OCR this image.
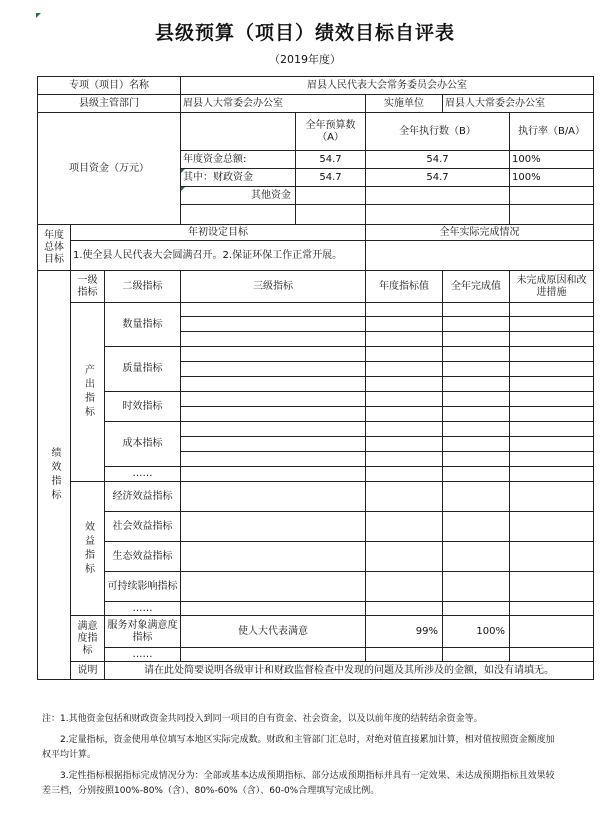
县级预算（项目）绩效目标自评表
（2019年度）
专项（项目）名称			眉县人民代表大会常务委员会办公室				
县级主管部门			眉县人大常委会办公室		实施单位	眉县人大常委会办公室	
项目资金（万元）				全年预算数（A）	全年执行数（B）		执行率（B/A）
			年度资金总额:	54.7	54.7		100%
			其中：财政资金	54.7	54.7		100%
			其他资金				

年度总体目标	年初设定目标				全年实际完成情况		
	1.使全县人民代表大会圆满召开。2.保证环保工作正常开展。						
绩效指标	一级指标	二级指标	三级指标		年度指标值	全年完成值	未完成原因和改进措施
	产出指标	数量指标					

		质量指标					

		时效指标					

		成本指标					

		……					
	效益指标	经济效益指标					
		社会效益指标					
		生态效益指标					
		可持续影响指标					
		……					
	满意度指标	服务对象满意度指标	使人大代表满意		99%	100%	
		……					
	说明	请在此处简要说明各级审计和财政监督检查中发现的问题及其所涉及的金额，如没有请填无。					

注：1.其他资金包括和财政资金共同投入到同一项目的自有资金、社会资金，以及以前年度的结转结余资金等。

2.定量指标，资金使用单位填写本地区实际完成数。财政和主管部门汇总时，对绝对值直接累加计算，相对值按照资金额度加权平均计算。

3.定性指标根据指标完成情况分为：全部或基本达成预期指标、部分达成预期指标并具有一定效果、未达成预期指标且效果较差三档，分别按照100%-80%（含）、80%-60%（含）、60-0%合理填写完成比例。
